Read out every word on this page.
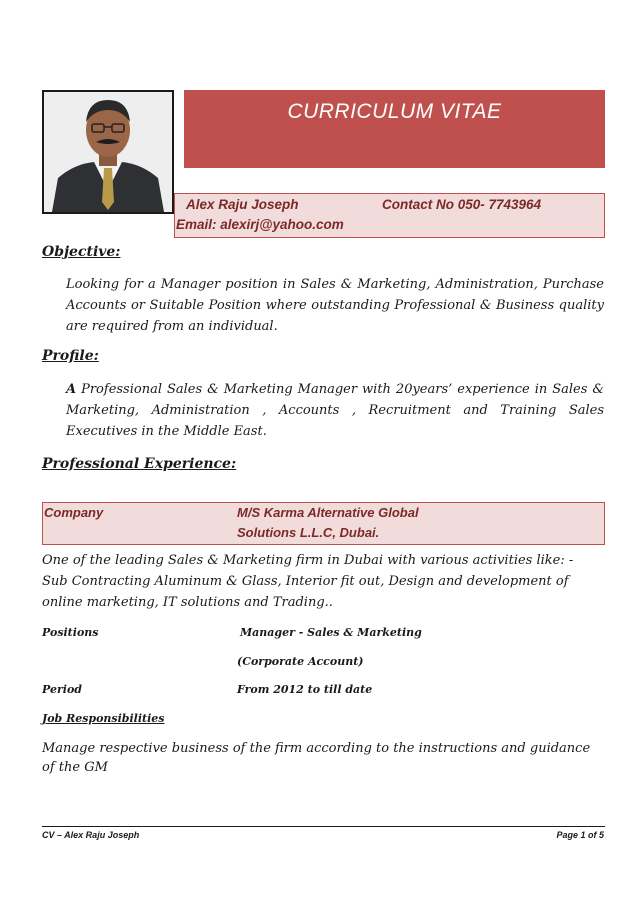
CURRICULUM VITAE
Alex Raju Joseph	Contact No 050- 7743964
Email: alexirj@yahoo.com
Objective:
Looking for a Manager position in Sales & Marketing, Administration, Purchase Accounts or Suitable Position where outstanding Professional & Business quality are required from an individual.
Profile:
A Professional Sales & Marketing Manager with 20years’ experience in Sales & Marketing, Administration , Accounts , Recruitment and Training Sales Executives in the Middle East.
Professional Experience:
Company	M/S Karma Alternative Global
Solutions L.L.C, Dubai.
One of the leading Sales & Marketing firm in Dubai with various activities like: - Sub Contracting Aluminum & Glass, Interior fit out, Design and development of online marketing, IT solutions and Trading..
Positions	Manager - Sales & Marketing
(Corporate Account)
Period	From 2012 to till date
Job Responsibilities
Manage respective business of the firm according to the instructions and guidance of the GM
CV – Alex Raju Joseph	Page 1 of 5
